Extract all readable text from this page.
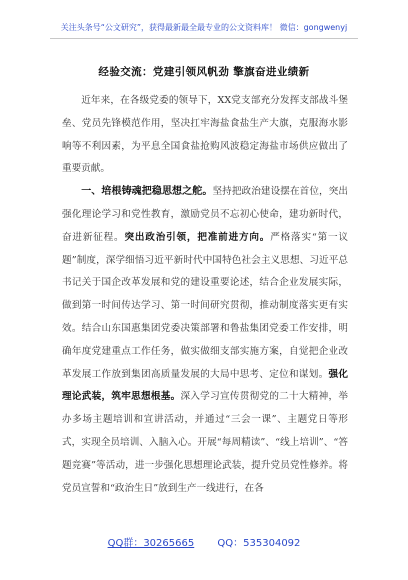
关注头条号“公文研究”，获得最新最全最专业的公文资料库！ 微信：gongwenyj
经验交流：党建引领风帆劲 擎旗奋进业绩新

近年来，在各级党委的领导下，XX党支部充分发挥支部战斗堡垒、党员先锋模范作用，坚决扛牢海盐食盐生产大旗，克服海水影响等不利因素，为平息全国食盐抢购风波稳定海盐市场供应做出了重要贡献。

一、培根铸魂把稳思想之舵。坚持把政治建设摆在首位，突出强化理论学习和党性教育，激励党员不忘初心使命，建功新时代，奋进新征程。突出政治引领，把准前进方向。严格落实“第一议题”制度，深学细悟习近平新时代中国特色社会主义思想、习近平总书记关于国企改革发展和党的建设重要论述，结合企业发展实际，做到第一时间传达学习、第一时间研究贯彻，推动制度落实更有实效。结合山东国惠集团党委决策部署和鲁盐集团党委工作安排，明确年度党建重点工作任务，做实做细支部实施方案，自觉把企业改革发展工作放到集团高质量发展的大局中思考、定位和谋划。强化理论武装，筑牢思想根基。深入学习宣传贯彻党的二十大精神，举办多场主题培训和宣讲活动，并通过“三会一课”、主题党日等形式，实现全员培训、入脑入心。开展“每周精读”、“线上培训”、“答题竞赛”等活动，进一步强化思想理论武装，提升党员党性修养。将党员宣誓和“政治生日”放到生产一线进行，在各

QQ群：30265665 QQ：535304092
